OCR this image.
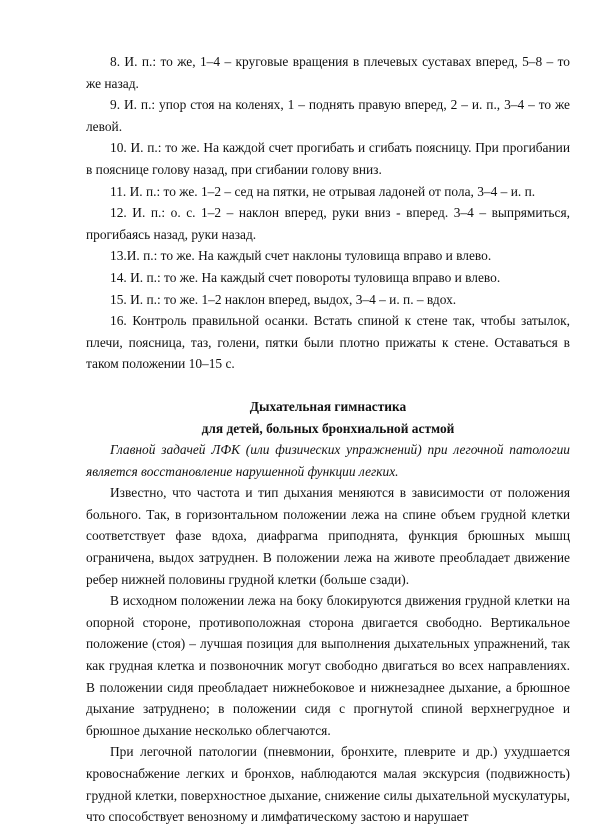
8. И. п.: то же, 1–4 – круговые вращения в плечевых суставах вперед, 5–8 – то же назад.

9. И. п.: упор стоя на коленях, 1 – поднять правую вперед, 2 – и. п., 3–4 – то же левой.

10. И. п.: то же. На каждой счет прогибать и сгибать поясницу. При прогибании в пояснице голову назад, при сгибании голову вниз.

11. И. п.: то же. 1–2 – сед на пятки, не отрывая ладоней от пола, 3–4 – и. п.

12. И. п.: о. с. 1–2 – наклон вперед, руки вниз - вперед. 3–4 – выпрямиться, прогибаясь назад, руки назад.

13.И. п.: то же. На каждый счет наклоны туловища вправо и влево.

14. И. п.: то же. На каждый счет повороты туловища вправо и влево.

15. И. п.: то же. 1–2 наклон вперед, выдох, 3–4 – и. п. – вдох.

16. Контроль правильной осанки. Встать спиной к стене так, чтобы затылок, плечи, поясница, таз, голени, пятки были плотно прижаты к стене. Оставаться в таком положении 10–15 с.

Дыхательная гимнастика

для детей, больных бронхиальной астмой

Главной задачей ЛФК (или физических упражнений) при легочной патологии является восстановление нарушенной функции легких.

Известно, что частота и тип дыхания меняются в зависимости от положения больного. Так, в горизонтальном положении лежа на спине объем грудной клетки соответствует фазе вдоха, диафрагма приподнята, функция брюшных мышц ограничена, выдох затруднен. В положении лежа на животе преобладает движение ребер нижней половины грудной клетки (больше сзади).

В исходном положении лежа на боку блокируются движения грудной клетки на опорной стороне, противоположная сторона двигается свободно. Вертикальное положение (стоя) – лучшая позиция для выполнения дыхательных упражнений, так как грудная клетка и позвоночник могут свободно двигаться во всех направлениях. В положении сидя преобладает нижнебоковое и нижнезаднее дыхание, а брюшное дыхание затруднено; в положении сидя с прогнутой спиной верхнегрудное и брюшное дыхание несколько облегчаются.

При легочной патологии (пневмонии, бронхите, плеврите и др.) ухудшается кровоснабжение легких и бронхов, наблюдаются малая экскурсия (подвижность) грудной клетки, поверхностное дыхание, снижение силы дыхательной мускулатуры, что способствует венозному и лимфатическому застою и нарушает
